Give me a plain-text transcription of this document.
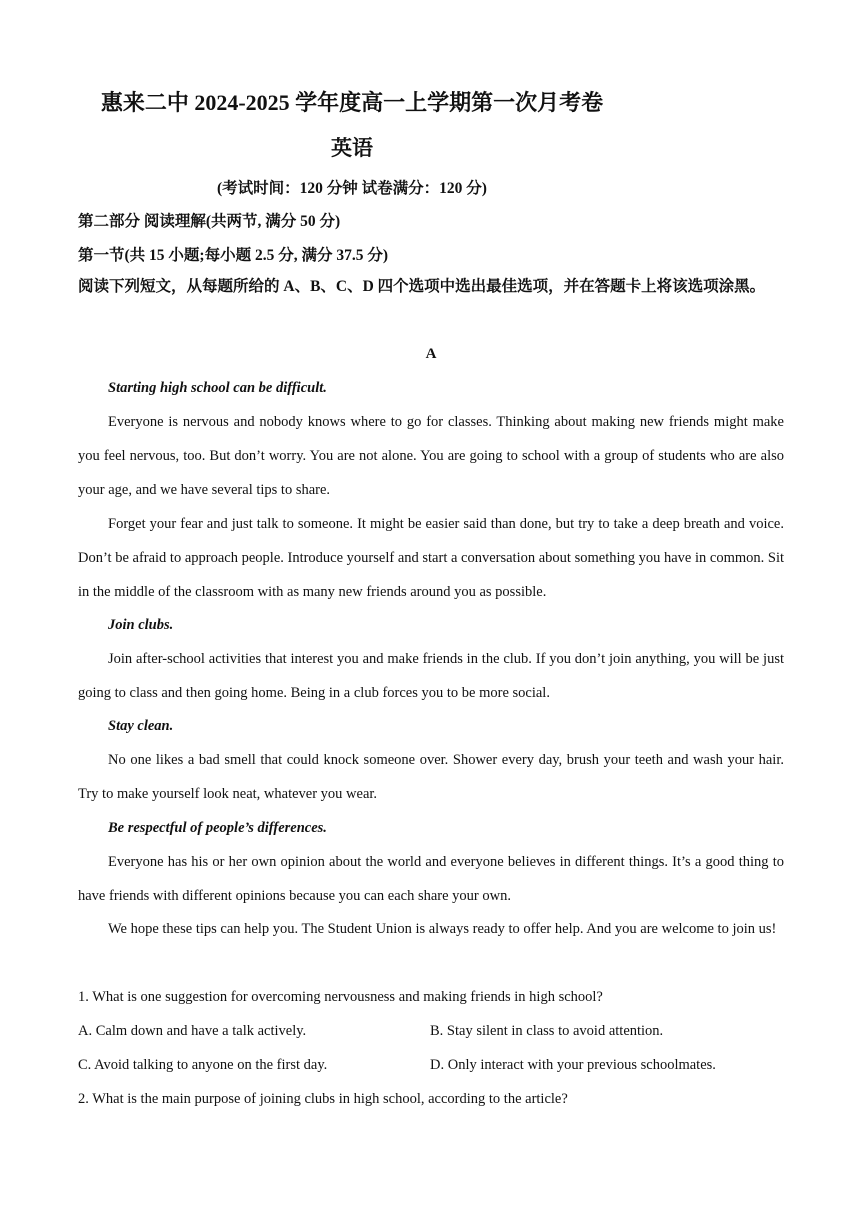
惠来二中 2024-2025 学年度高一上学期第一次月考卷
英语
(考试时间：120 分钟 试卷满分：120 分)
第二部分 阅读理解(共两节, 满分 50 分)
第一节(共 15 小题;每小题 2.5 分, 满分 37.5 分)

阅读下列短文，从每题所给的 A、B、C、D 四个选项中选出最佳选项，并在答题卡上将该选项涂黑。

A
Starting high school can be difficult.

Everyone is nervous and nobody knows where to go for classes. Thinking about making new friends might make you feel nervous, too. But don’t worry. You are not alone. You are going to school with a group of students who are also your age, and we have several tips to share.

Forget your fear and just talk to someone. It might be easier said than done, but try to take a deep breath and voice. Don’t be afraid to approach people. Introduce yourself and start a conversation about something you have in common. Sit in the middle of the classroom with as many new friends around you as possible.

Join clubs.

Join after-school activities that interest you and make friends in the club. If you don’t join anything, you will be just going to class and then going home. Being in a club forces you to be more social.

Stay clean.

No one likes a bad smell that could knock someone over. Shower every day, brush your teeth and wash your hair. Try to make yourself look neat, whatever you wear.

Be respectful of people’s differences.

Everyone has his or her own opinion about the world and everyone believes in different things. It’s a good thing to have friends with different opinions because you can each share your own.

We hope these tips can help you. The Student Union is always ready to offer help. And you are welcome to join us!

1. What is one suggestion for overcoming nervousness and making friends in high school?
A. Calm down and have a talk actively.	B. Stay silent in class to avoid attention.
C. Avoid talking to anyone on the first day.	D. Only interact with your previous schoolmates.
2. What is the main purpose of joining clubs in high school, according to the article?
